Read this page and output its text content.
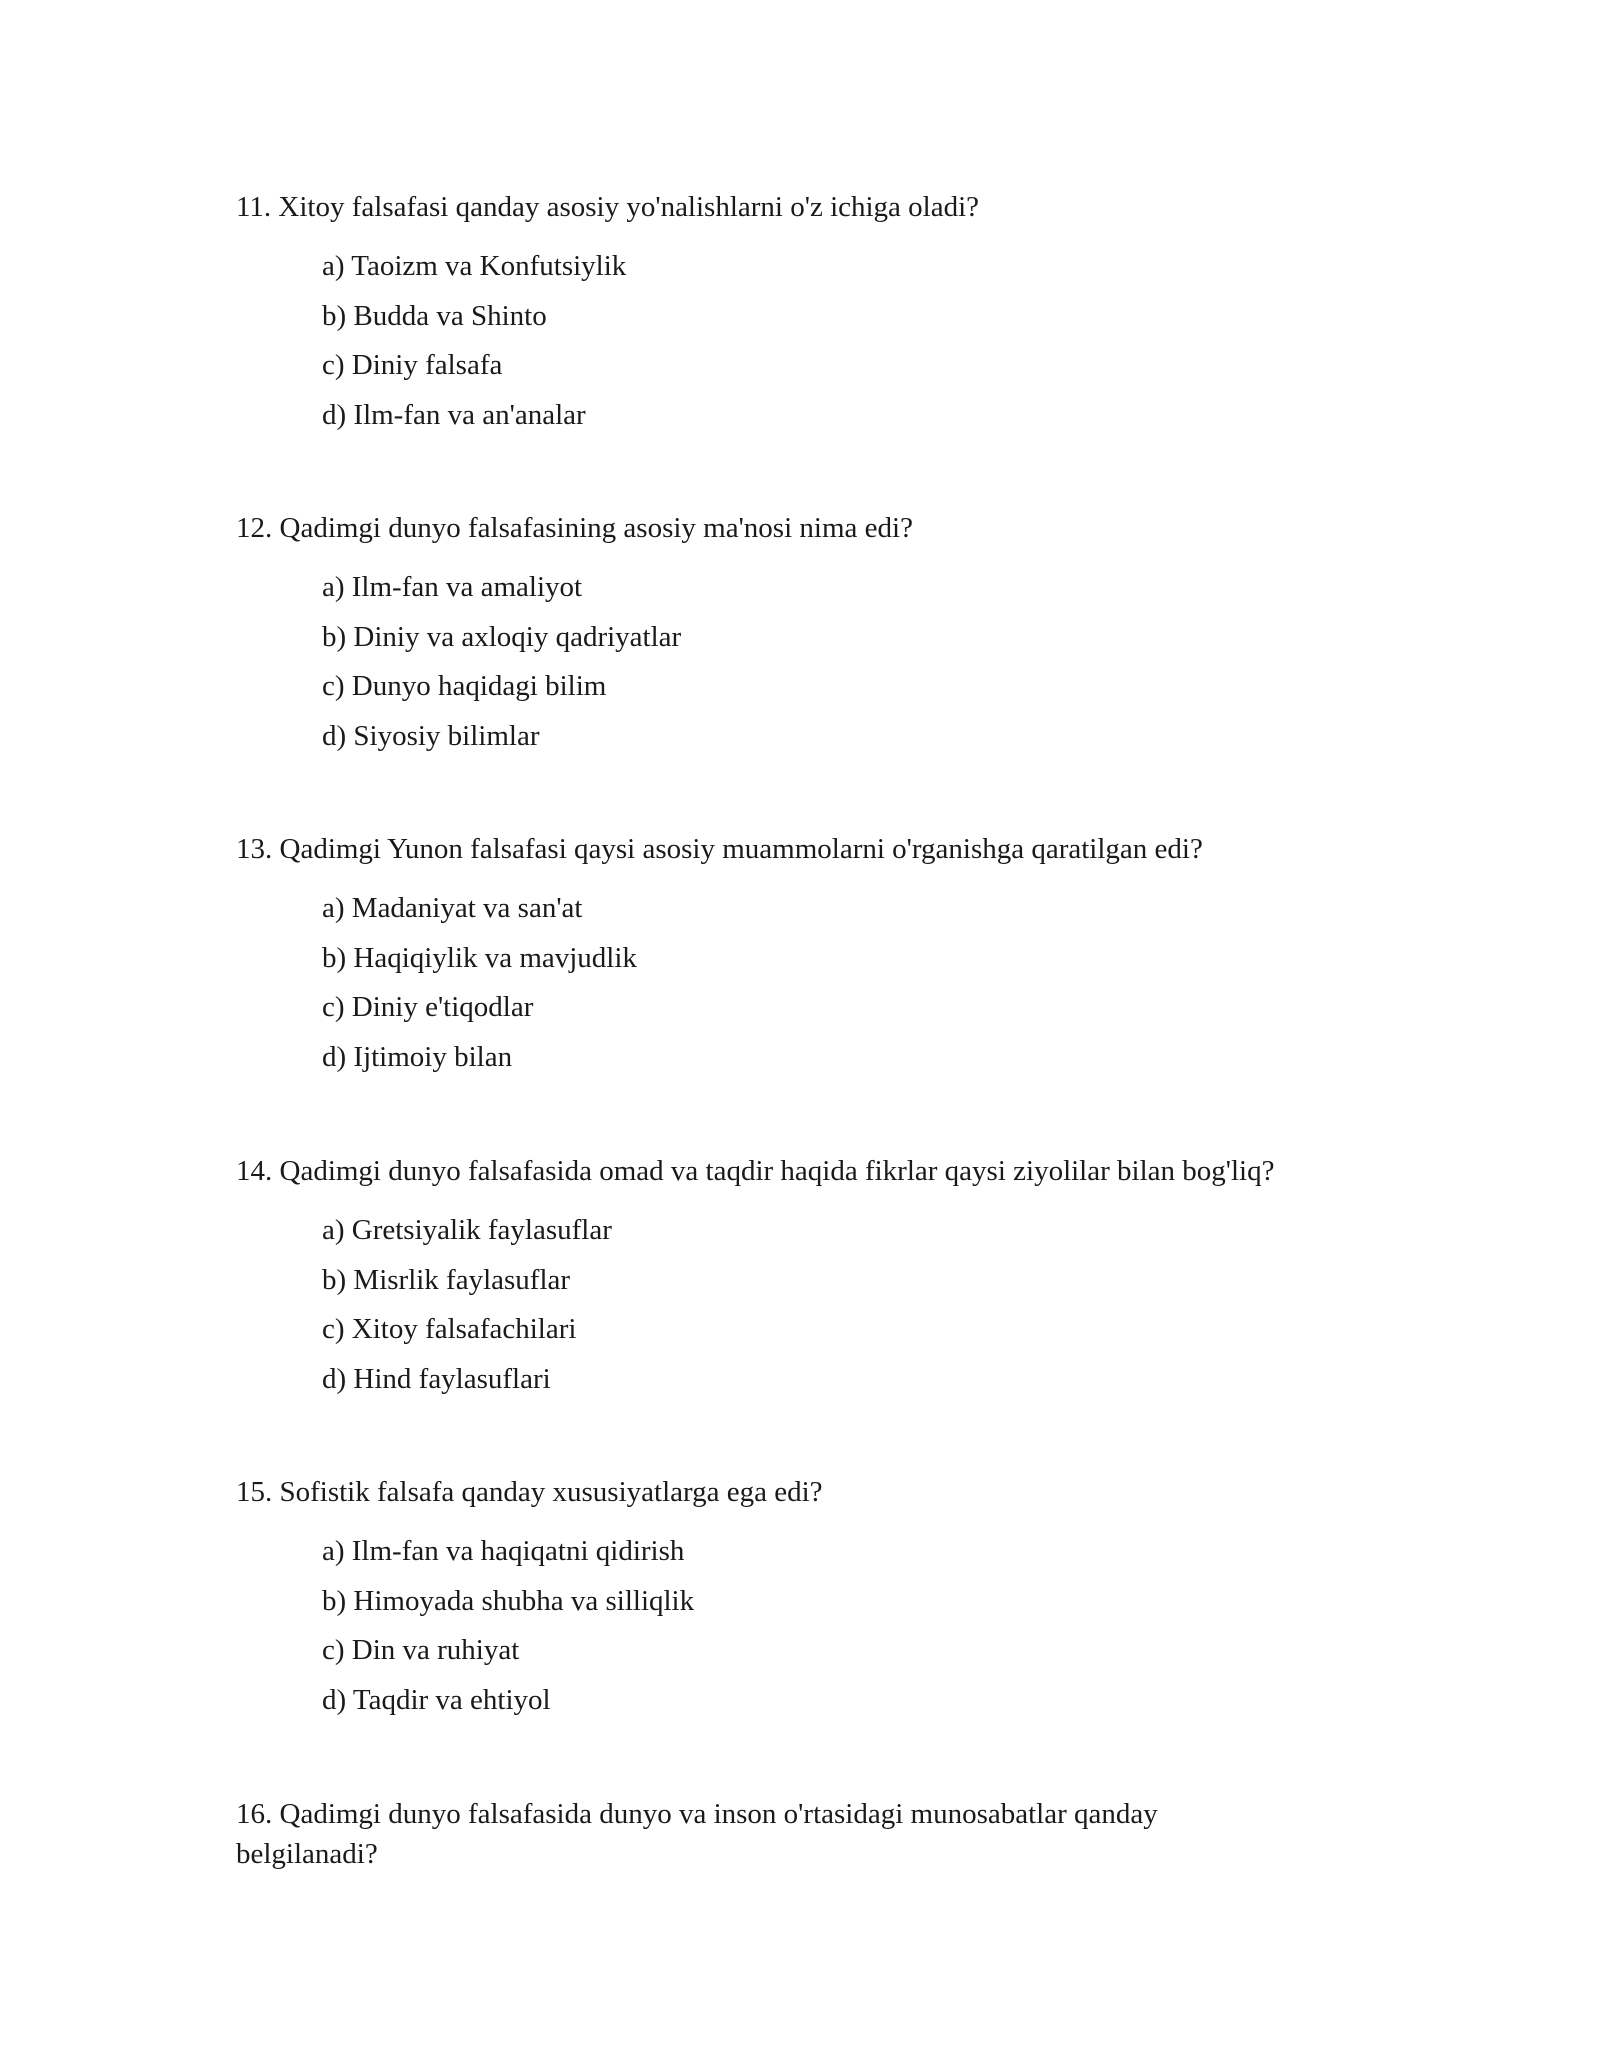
11. Xitoy falsafasi qanday asosiy yo'nalishlarni o'z ichiga oladi?

a) Taoizm va Konfutsiylik
b) Budda va Shinto
c) Diniy falsafa
d) Ilm-fan va an'analar

12. Qadimgi dunyo falsafasining asosiy ma'nosi nima edi?

a) Ilm-fan va amaliyot
b) Diniy va axloqiy qadriyatlar
c) Dunyo haqidagi bilim
d) Siyosiy bilimlar

13. Qadimgi Yunon falsafasi qaysi asosiy muammolarni o'rganishga qaratilgan edi?

a) Madaniyat va san'at
b) Haqiqiylik va mavjudlik
c) Diniy e'tiqodlar
d) Ijtimoiy bilan

14. Qadimgi dunyo falsafasida omad va taqdir haqida fikrlar qaysi ziyolilar bilan bog'liq?

a) Gretsiyalik faylasuflar
b) Misrlik faylasuflar
c) Xitoy falsafachilari
d) Hind faylasuflari

15. Sofistik falsafa qanday xususiyatlarga ega edi?

a) Ilm-fan va haqiqatni qidirish
b) Himoyada shubha va silliqlik
c) Din va ruhiyat
d) Taqdir va ehtiyol

16. Qadimgi dunyo falsafasida dunyo va inson o'rtasidagi munosabatlar qanday belgilanadi?
